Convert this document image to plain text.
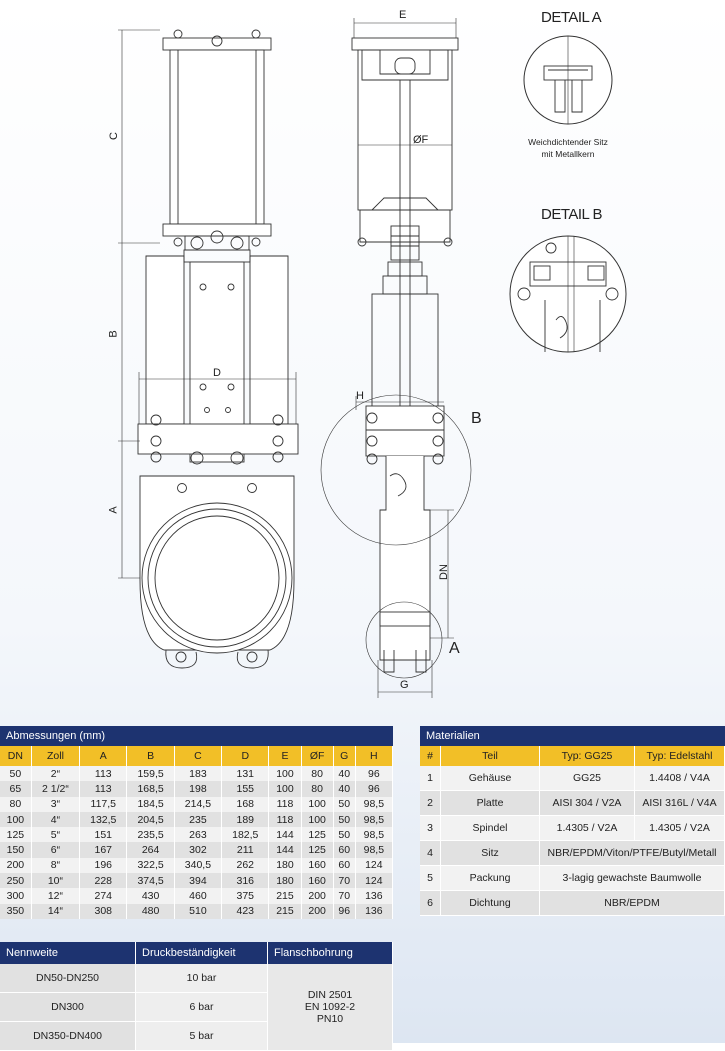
E
C
B
A
D
ØF
H
DN
G
B
A
DETAIL A
Weichdichtender Sitz
mit Metallkern
DETAIL B
Abmessungen (mm)									
DN	Zoll	A	B	C	D	E	ØF	G	H
50	2“	113	159,5	183	131	100	80	40	96
65	2 1/2“	113	168,5	198	155	100	80	40	96
80	3“	117,5	184,5	214,5	168	118	100	50	98,5
100	4“	132,5	204,5	235	189	118	100	50	98,5
125	5“	151	235,5	263	182,5	144	125	50	98,5
150	6“	167	264	302	211	144	125	60	98,5
200	8“	196	322,5	340,5	262	180	160	60	124
250	10“	228	374,5	394	316	180	160	70	124
300	12“	274	430	460	375	215	200	70	136
350	14“	308	480	510	423	215	200	96	136
Materialien			
#	Teil	Typ: GG25	Typ: Edelstahl
1	Gehäuse	GG25	1.4408 / V4A
2	Platte	AISI 304 / V2A	AISI 316L / V4A
3	Spindel	1.4305 / V2A	1.4305 / V2A
4	Sitz	NBR/EPDM/Viton/PTFE/Butyl/Metall	
5	Packung	3-lagig gewachste Baumwolle	
6	Dichtung	NBR/EPDM	
Nennweite	Druckbeständigkeit	Flanschbohrung
DN50-DN250	10 bar	DIN 2501
EN 1092-2
PN10

DN300	6 bar	
DN350-DN400	5 bar	
